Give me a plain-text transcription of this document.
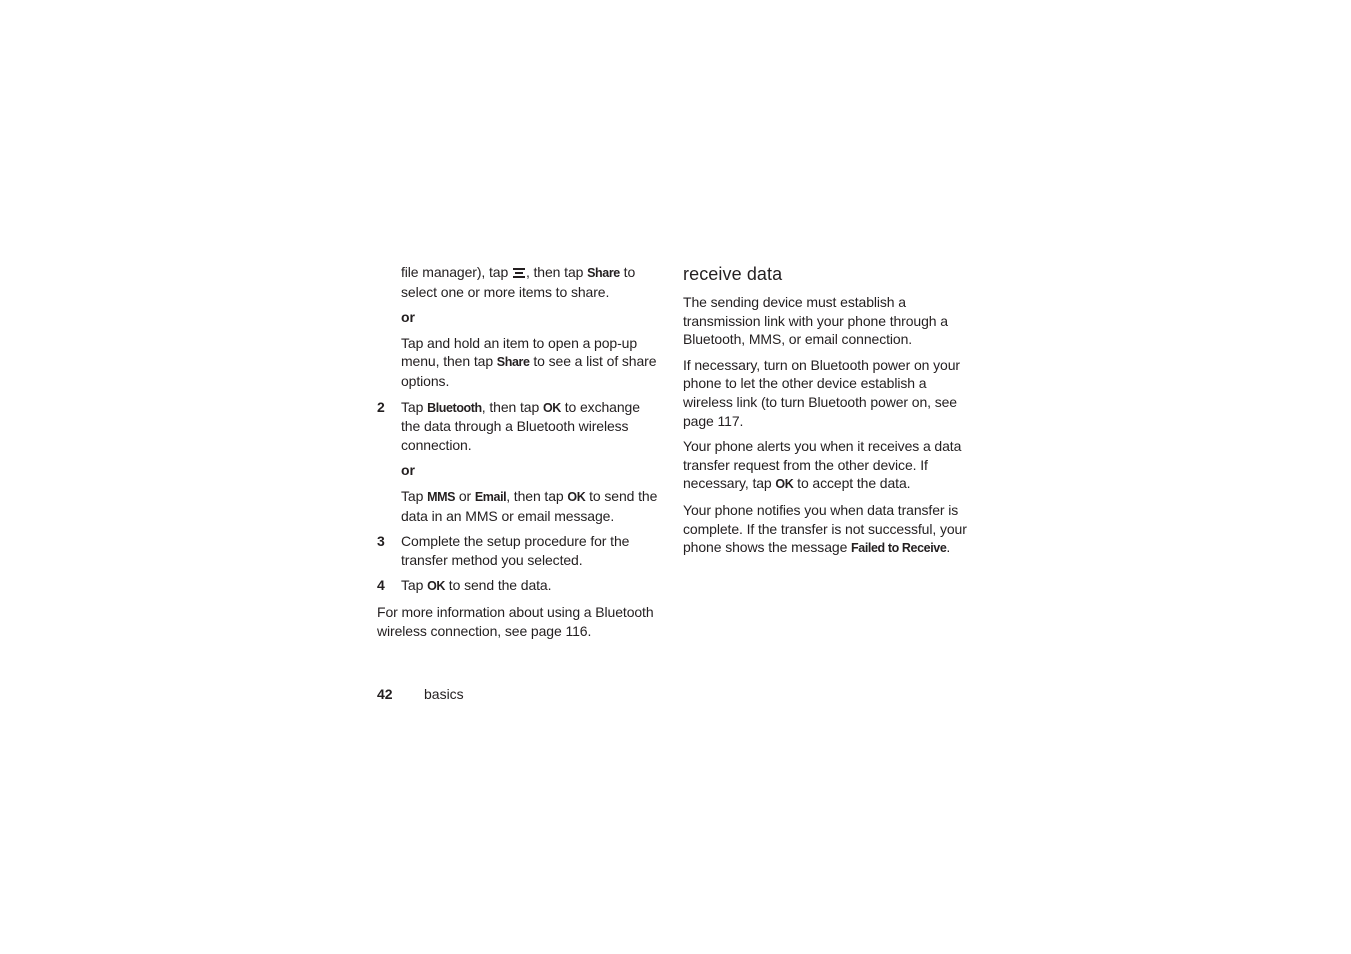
file manager), tap
, then tap Share to select one or more items to share.

or

Tap and hold an item to open a pop-up menu, then tap Share to see a list of share options.

2 Tap Bluetooth, then tap OK to exchange the data through a Bluetooth wireless connection.

or

Tap MMS or Email, then tap OK to send the data in an MMS or email message.

3 Complete the setup procedure for the transfer method you selected.
4 Tap OK to send the data.

For more information about using a Bluetooth wireless connection, see page 116.

receive data

The sending device must establish a transmission link with your phone through a Bluetooth, MMS, or email connection.

If necessary, turn on Bluetooth power on your phone to let the other device establish a wireless link (to turn Bluetooth power on, see page 117.

Your phone alerts you when it receives a data transfer request from the other device. If necessary, tap OK to accept the data.

Your phone notifies you when data transfer is complete. If the transfer is not successful, your phone shows the message Failed to Receive.

42 basics
